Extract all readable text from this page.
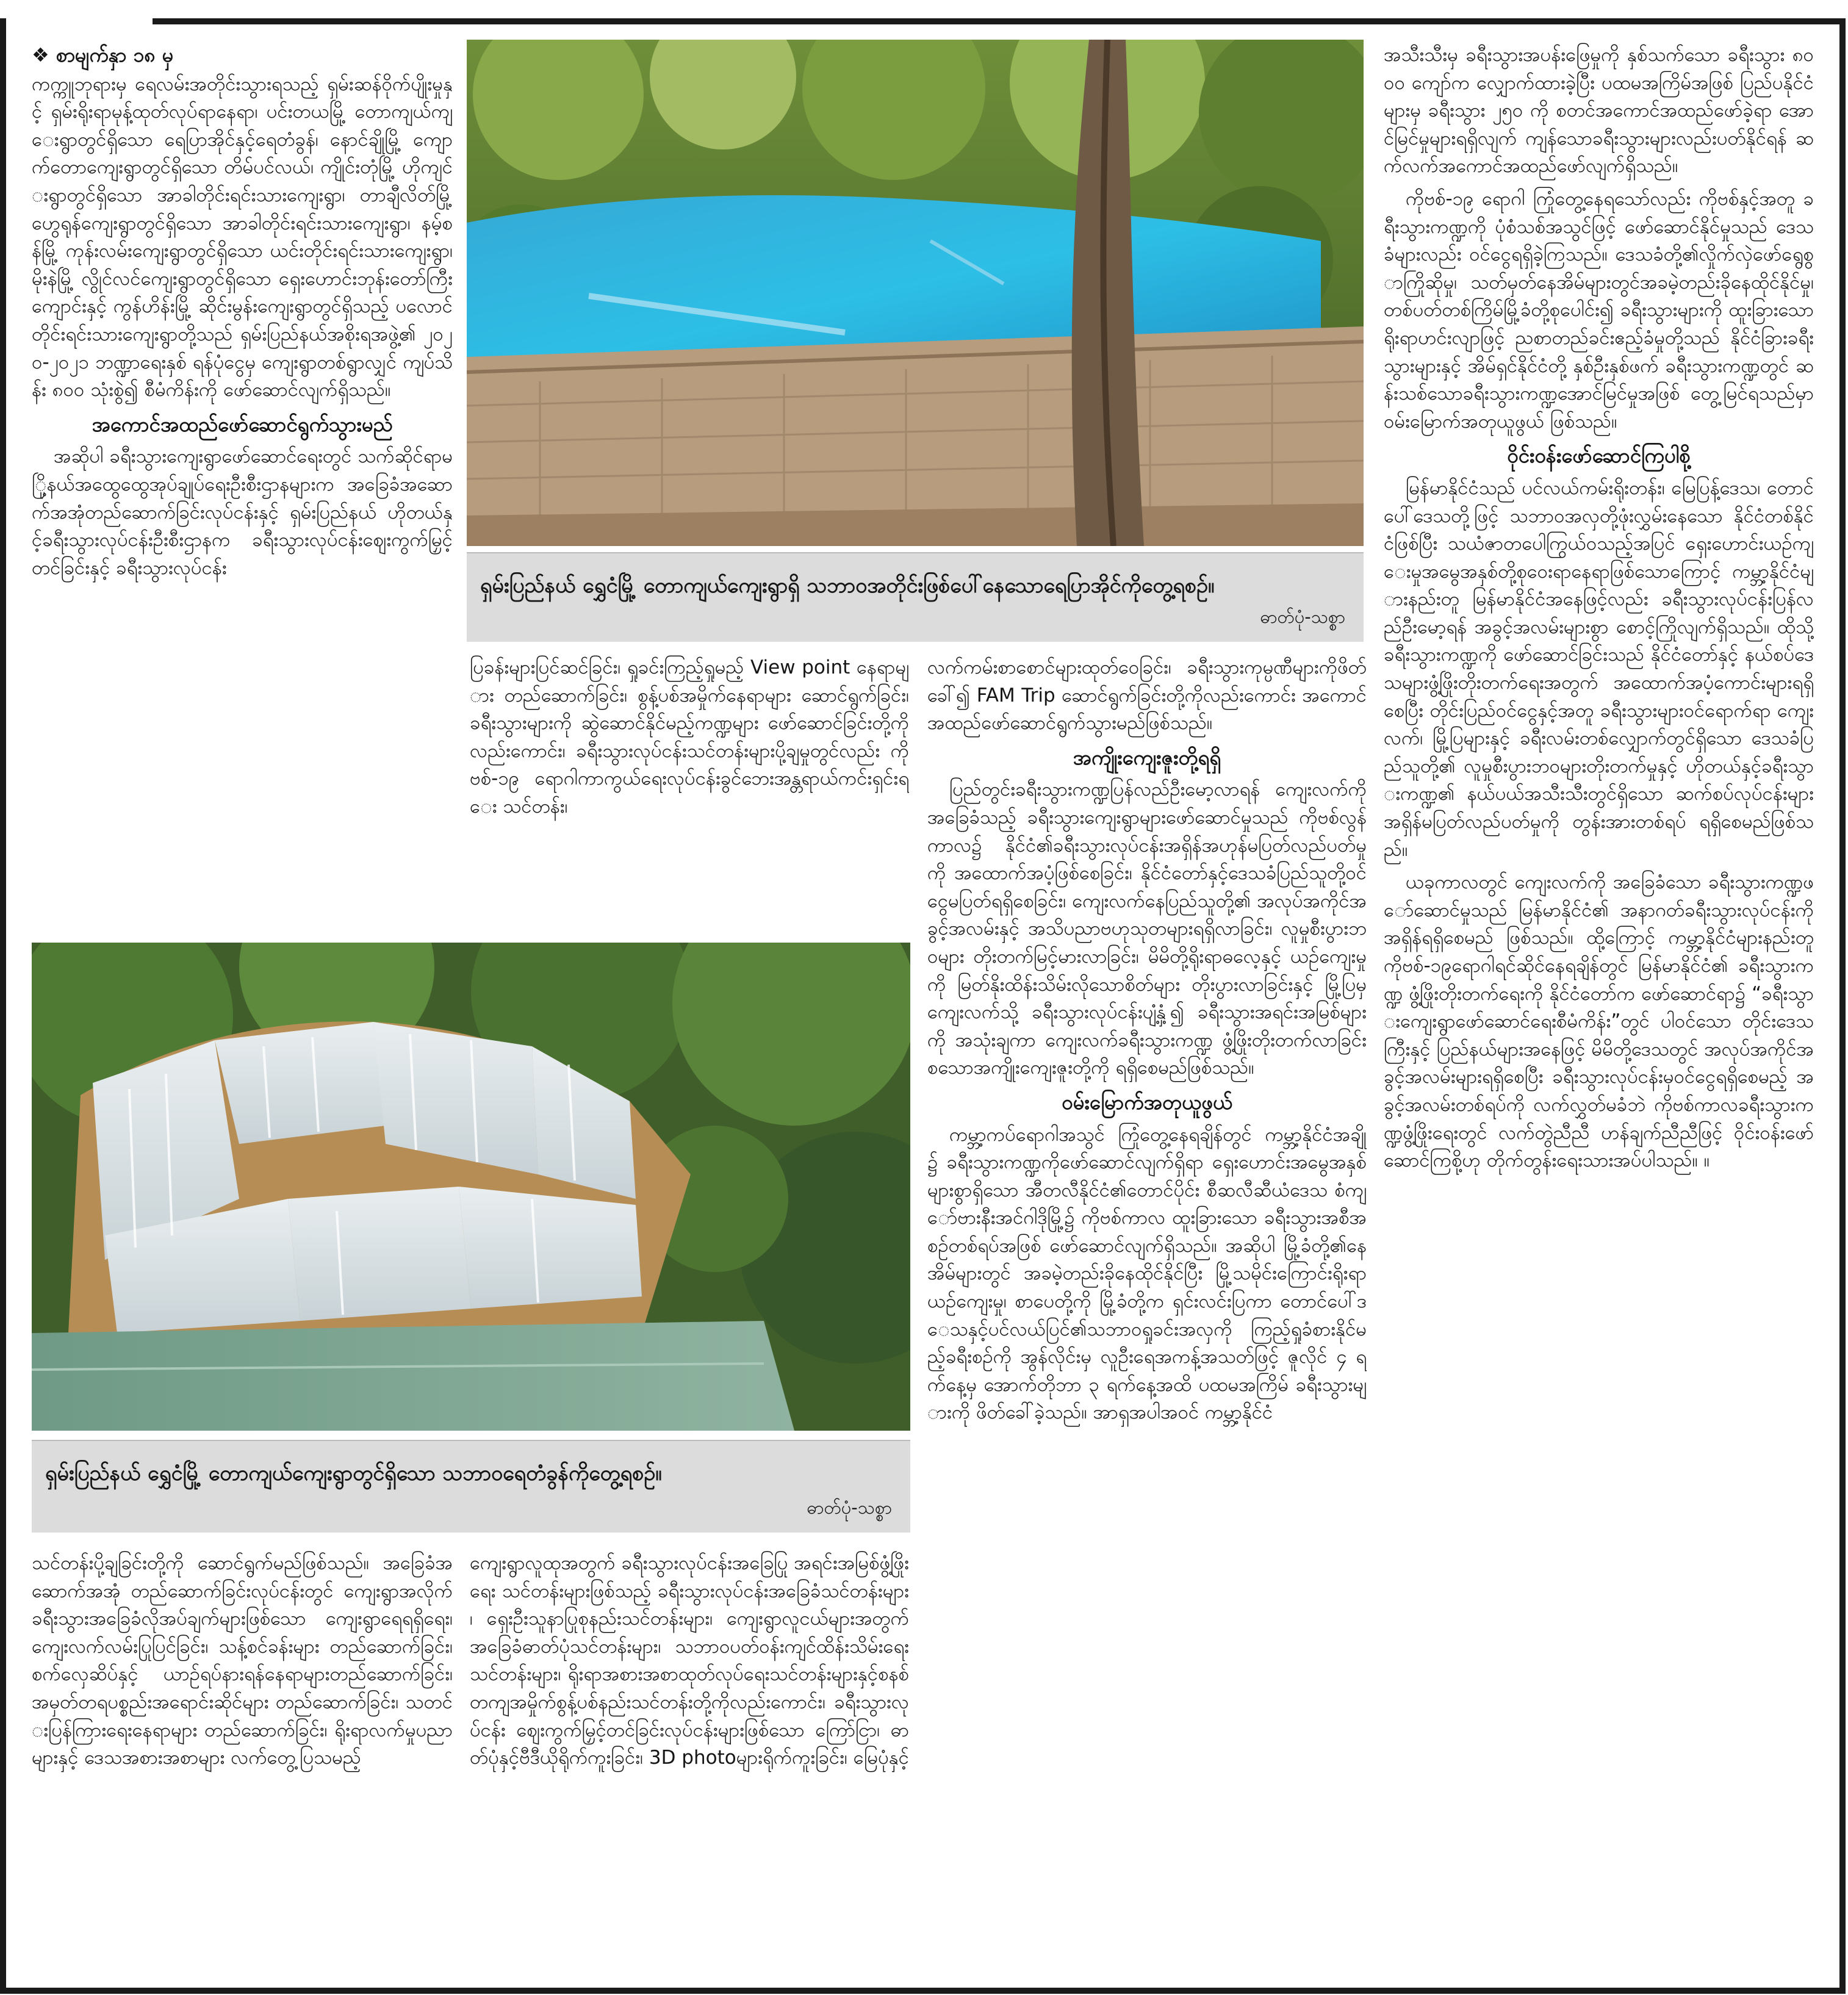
❖ စာမျက်နှာ ၁၈ မှ

ကက္ကူဘုရားမှ ရေလမ်းအတိုင်းသွားရသည့် ရှမ်းဆန်ဝိုက်ပျိုးမှုနှင့် ရှမ်းရိုးရာမုန့်ထုတ်လုပ်ရာနေရာ၊ ပင်းတယမြို့ တောကျယ်ကျေးရွာတွင်ရှိသော ရေပြာအိုင်နှင့်ရေတံခွန်၊ နောင်ချိုမြို့ ကျောက်တောကျေးရွာတွင်ရှိသော တိမ်ပင်လယ်၊ ကျိုင်းတုံမြို့ ဟိုကျင်းရွာတွင်ရှိသော အာခါတိုင်းရင်းသားကျေးရွာ၊ တာချီလိတ်မြို့ ဟွေရုန်ကျေးရွာတွင်ရှိသော အာခါတိုင်းရင်းသားကျေးရွာ၊ နမ့်စန်မြို့ ကုန်းလမ်းကျေးရွာတွင်ရှိသော ယင်းတိုင်းရင်းသားကျေးရွာ၊ မိုးနဲမြို့ လွိုင်လင်ကျေးရွာတွင်ရှိသော ရှေးဟောင်းဘုန်းတော်ကြီးကျောင်းနှင့် ကွန်ဟိန်းမြို့ ဆိုင်းမွန်းကျေးရွာတွင်ရှိသည့် ပလောင်တိုင်းရင်းသားကျေးရွာတို့သည် ရှမ်းပြည်နယ်အစိုးရအဖွဲ့၏ ၂၀၂၀-၂၀၂၁ ဘဏ္ဍာရေးနှစ် ရန်ပုံငွေမှ ကျေးရွာတစ်ရွာလျှင် ကျပ်သိန်း ၈၀၀ သုံးစွဲ၍ စီမံကိန်းကို ဖော်ဆောင်လျက်ရှိသည်။

အကောင်အထည်ဖော်ဆောင်ရွက်သွားမည်

အဆိုပါ ခရီးသွားကျေးရွာဖော်ဆောင်ရေးတွင် သက်ဆိုင်ရာမြို့နယ်အထွေထွေအုပ်ချုပ်ရေးဦးစီးဌာနများက အခြေခံအဆောက်အအုံတည်ဆောက်ခြင်းလုပ်ငန်းနှင့် ရှမ်းပြည်နယ် ဟိုတယ်နှင့်ခရီးသွားလုပ်ငန်းဦးစီးဌာနက ခရီးသွားလုပ်ငန်းဈေးကွက်မြှင့်တင်ခြင်းနှင့် ခရီးသွားလုပ်ငန်း

ရှမ်းပြည်နယ် ရွှေငံမြို့ တောကျယ်ကျေးရွာရှိ သဘာဝအတိုင်းဖြစ်ပေါ်နေသောရေပြာအိုင်ကိုတွေ့ရစဉ်။
ဓာတ်ပုံ-သစ္စာ

အသီးသီးမှ ခရီးသွားအပန်းဖြေမှုကို နှစ်သက်သော ခရီးသွား ၈၀၀၀ ကျော်က လျှောက်ထားခဲ့ပြီး ပထမအကြိမ်အဖြစ် ပြည်ပနိုင်ငံများမှ ခရီးသွား ၂၅၀ ကို စတင်အကောင်အထည်ဖော်ခဲ့ရာ အောင်မြင်မှုများရရှိလျက် ကျန်သောခရီးသွားများလည်းပတ်နိုင်ရန် ဆက်လက်အကောင်အထည်ဖော်လျက်ရှိသည်။

ကိုဗစ်-၁၉ ရောဂါ ကြုံတွေ့နေရသော်လည်း ကိုဗစ်နှင့်အတူ ခရီးသွားကဏ္ဍကို ပုံစံသစ်အသွင်ဖြင့် ဖော်ဆောင်နိုင်မှုသည် ဒေသခံများလည်း ဝင်ငွေရရှိခဲ့ကြသည်။ ဒေသခံတို့၏လှိုက်လှဲဖော်ရွေစွာကြိုဆိုမှု၊ သတ်မှတ်နေအိမ်များတွင်အခမဲ့တည်းခိုနေထိုင်နိုင်မှု၊ တစ်ပတ်တစ်ကြိမ်မြို့ခံတို့စုပေါင်း၍ ခရီးသွားများကို ထူးခြားသောရိုးရာဟင်းလျာဖြင့် ညစာတည်ခင်းဧည့်ခံမှုတို့သည် နိုင်ငံခြားခရီးသွားများနှင့် အိမ်ရှင်နိုင်ငံတို့ နှစ်ဦးနှစ်ဖက် ခရီးသွားကဏ္ဍတွင် ဆန်းသစ်သောခရီးသွားကဏ္ဍအောင်မြင်မှုအဖြစ် တွေ့မြင်ရသည်မှာ ဝမ်းမြောက်အတုယူဖွယ် ဖြစ်သည်။

ဝိုင်းဝန်းဖော်ဆောင်ကြပါစို့

မြန်မာနိုင်ငံသည် ပင်လယ်ကမ်းရိုးတန်း၊ မြေပြန့်ဒေသ၊ တောင်ပေါ်ဒေသတို့ဖြင့် သဘာဝအလှတို့ဖုံးလွှမ်းနေသော နိုင်ငံတစ်နိုင်ငံဖြစ်ပြီး သယံဇာတပေါကြွယ်ဝသည့်အပြင် ရှေးဟောင်းယဉ်ကျေးမှုအမွေအနှစ်တို့စုဝေးရာနေရာဖြစ်သောကြောင့် ကမ္ဘာ့နိုင်ငံများနည်းတူ မြန်မာနိုင်ငံအနေဖြင့်လည်း ခရီးသွားလုပ်ငန်းပြန်လည်ဦးမော့ရန် အခွင့်အလမ်းများစွာ စောင့်ကြိုလျက်ရှိသည်။ ထိုသို့ခရီးသွားကဏ္ဍကို ဖော်ဆောင်ခြင်းသည် နိုင်ငံတော်နှင့် နယ်စပ်ဒေသများဖွံ့ဖြိုးတိုးတက်ရေးအတွက် အထောက်အပံ့ကောင်းများရရှိစေပြီး တိုင်းပြည်ဝင်ငွေနှင့်အတူ ခရီးသွားများဝင်ရောက်ရာ ကျေးလက်၊ မြို့ပြများနှင့် ခရီးလမ်းတစ်လျှောက်တွင်ရှိသော ဒေသခံပြည်သူတို့၏ လူမှုစီးပွားဘဝများတိုးတက်မှုနှင့် ဟိုတယ်နှင့်ခရီးသွားကဏ္ဍ၏ နယ်ပယ်အသီးသီးတွင်ရှိသော ဆက်စပ်လုပ်ငန်းများ အရှိန်မပြတ်လည်ပတ်မှုကို တွန်းအားတစ်ရပ် ရရှိစေမည်ဖြစ်သည်။

ယခုကာလတွင် ကျေးလက်ကို အခြေခံသော ခရီးသွားကဏ္ဍဖော်ဆောင်မှုသည် မြန်မာနိုင်ငံ၏ အနာဂတ်ခရီးသွားလုပ်ငန်းကို အရှိန်ရရှိစေမည် ဖြစ်သည်။ ထို့ကြောင့် ကမ္ဘာ့နိုင်ငံများနည်းတူ ကိုဗစ်-၁၉ရောဂါရင်ဆိုင်နေရချိန်တွင် မြန်မာနိုင်ငံ၏ ခရီးသွားကဏ္ဍ ဖွံ့ဖြိုးတိုးတက်ရေးကို နိုင်ငံတော်က ဖော်ဆောင်ရာ၌ “ခရီးသွားကျေးရွာဖော်ဆောင်ရေးစီမံကိန်း”တွင် ပါဝင်သော တိုင်းဒေသကြီးနှင့် ပြည်နယ်များအနေဖြင့် မိမိတို့ဒေသတွင် အလုပ်အကိုင်အခွင့်အလမ်းများရရှိစေပြီး ခရီးသွားလုပ်ငန်းမှဝင်ငွေရရှိစေမည့် အခွင့်အလမ်းတစ်ရပ်ကို လက်လွှတ်မခံဘဲ ကိုဗစ်ကာလခရီးသွားကဏ္ဍဖွံ့ဖြိုးရေးတွင် လက်တွဲညီညီ ဟန်ချက်ညီညီဖြင့် ဝိုင်းဝန်းဖော်ဆောင်ကြစို့ဟု တိုက်တွန်းရေးသားအပ်ပါသည်။ ။

ပြခန်းများပြင်ဆင်ခြင်း၊ ရှုခင်းကြည့်ရှုမည့် View point နေရာများ တည်ဆောက်ခြင်း၊ စွန့်ပစ်အမှိုက်နေရာများ ဆောင်ရွက်ခြင်း၊ ခရီးသွားများကို ဆွဲဆောင်နိုင်မည့်ကဏ္ဍများ ဖော်ဆောင်ခြင်းတို့ကိုလည်းကောင်း၊ ခရီးသွားလုပ်ငန်းသင်တန်းများပို့ချမှုတွင်လည်း ကိုဗစ်-၁၉ ရောဂါကာကွယ်ရေးလုပ်ငန်းခွင်ဘေးအန္တရာယ်ကင်းရှင်းရေး သင်တန်း၊

လက်ကမ်းစာစောင်များထုတ်ဝေခြင်း၊ ခရီးသွားကုမ္ပဏီများကိုဖိတ်ခေါ်၍ FAM Trip ဆောင်ရွက်ခြင်းတို့ကိုလည်းကောင်း အကောင်အထည်ဖော်ဆောင်ရွက်သွားမည်ဖြစ်သည်။

အကျိုးကျေးဇူးတို့ရရှိ

ပြည်တွင်းခရီးသွားကဏ္ဍပြန်လည်ဦးမော့လာရန် ကျေးလက်ကိုအခြေခံသည့် ခရီးသွားကျေးရွာများဖော်ဆောင်မှုသည် ကိုဗစ်လွန်ကာလ၌ နိုင်ငံ၏ခရီးသွားလုပ်ငန်းအရှိန်အဟုန်မပြတ်လည်ပတ်မှုကို အထောက်အပံ့ဖြစ်စေခြင်း၊ နိုင်ငံတော်နှင့်ဒေသခံပြည်သူတို့ဝင်ငွေမပြတ်ရရှိစေခြင်း၊ ကျေးလက်နေပြည်သူတို့၏ အလုပ်အကိုင်အခွင့်အလမ်းနှင့် အသိပညာဗဟုသုတများရရှိလာခြင်း၊ လူမှုစီးပွားဘဝများ တိုးတက်မြင့်မားလာခြင်း၊ မိမိတို့ရိုးရာဓလေ့နှင့် ယဉ်ကျေးမှုကို မြတ်နိုးထိန်းသိမ်းလိုသောစိတ်များ တိုးပွားလာခြင်းနှင့် မြို့ပြမှကျေးလက်သို့ ခရီးသွားလုပ်ငန်းပျံ့နှံ့၍ ခရီးသွားအရင်းအမြစ်များကို အသုံးချကာ ကျေးလက်ခရီးသွားကဏ္ဍ ဖွံ့ဖြိုးတိုးတက်လာခြင်း စသောအကျိုးကျေးဇူးတို့ကို ရရှိစေမည်ဖြစ်သည်။

ဝမ်းမြောက်အတုယူဖွယ်

ကမ္ဘာ့ကပ်ရောဂါအသွင် ကြုံတွေ့နေရချိန်တွင် ကမ္ဘာ့နိုင်ငံအချို့၌ ခရီးသွားကဏ္ဍကိုဖော်ဆောင်လျက်ရှိရာ ရှေးဟောင်းအမွေအနှစ်များစွာရှိသော အီတလီနိုင်ငံ၏တောင်ပိုင်း စီဆလီဆီယံဒေသ စံကျော်ဗားနီးအင်ဂါဒိုမြို့၌ ကိုဗစ်ကာလ ထူးခြားသော ခရီးသွားအစီအစဉ်တစ်ရပ်အဖြစ် ဖော်ဆောင်လျက်ရှိသည်။ အဆိုပါ မြို့ခံတို့၏နေအိမ်များတွင် အခမဲ့တည်းခိုနေထိုင်နိုင်ပြီး မြို့သမိုင်းကြောင်းရိုးရာယဉ်ကျေးမှု၊ စာပေတို့ကို မြို့ခံတို့က ရှင်းလင်းပြကာ တောင်ပေါ်ဒေသနှင့်ပင်လယ်ပြင်၏သဘာဝရှုခင်းအလှကို ကြည့်ရှုခံစားနိုင်မည့်ခရီးစဉ်ကို အွန်လိုင်းမှ လူဦးရေအကန့်အသတ်ဖြင့် ဇူလိုင် ၄ ရက်နေ့မှ အောက်တိုဘာ ၃ ရက်နေ့အထိ ပထမအကြိမ် ခရီးသွားများကို ဖိတ်ခေါ်ခဲ့သည်။ အာရှအပါအဝင် ကမ္ဘာ့နိုင်ငံ

ရှမ်းပြည်နယ် ရွှေငံမြို့ တောကျယ်ကျေးရွာတွင်ရှိသော သဘာဝရေတံခွန်ကိုတွေ့ရစဉ်။
ဓာတ်ပုံ-သစ္စာ

သင်တန်းပို့ချခြင်းတို့ကို ဆောင်ရွက်မည်ဖြစ်သည်။ အခြေခံအဆောက်အအုံ တည်ဆောက်ခြင်းလုပ်ငန်းတွင် ကျေးရွာအလိုက် ခရီးသွားအခြေခံလိုအပ်ချက်များဖြစ်သော ကျေးရွာရေရရှိရေး၊ ကျေးလက်လမ်းပြုပြင်ခြင်း၊ သန့်စင်ခန်းများ တည်ဆောက်ခြင်း၊ စက်လှေဆိပ်နှင့် ယာဉ်ရပ်နားရန်နေရာများတည်ဆောက်ခြင်း၊ အမှတ်တရပစ္စည်းအရောင်းဆိုင်များ တည်ဆောက်ခြင်း၊ သတင်းပြန်ကြားရေးနေရာများ တည်ဆောက်ခြင်း၊ ရိုးရာလက်မှုပညာများနှင့် ဒေသအစားအစာများ လက်တွေ့ပြသမည့်

ကျေးရွာလူထုအတွက် ခရီးသွားလုပ်ငန်းအခြေပြု အရင်းအမြစ်ဖွံ့ဖြိုးရေး သင်တန်းများဖြစ်သည့် ခရီးသွားလုပ်ငန်းအခြေခံသင်တန်းများ၊ ရှေးဦးသူနာပြုစုနည်းသင်တန်းများ၊ ကျေးရွာလူငယ်များအတွက် အခြေခံဓာတ်ပုံသင်တန်းများ၊ သဘာဝပတ်ဝန်းကျင်ထိန်းသိမ်းရေးသင်တန်းများ၊ ရိုးရာအစားအစာထုတ်လုပ်ရေးသင်တန်းများနှင့်စနစ်တကျအမှိုက်စွန့်ပစ်နည်းသင်တန်းတို့ကိုလည်းကောင်း၊ ခရီးသွားလုပ်ငန်း ဈေးကွက်မြှင့်တင်ခြင်းလုပ်ငန်းများဖြစ်သော ကြော်ငြာ၊ ဓာတ်ပုံနှင့်ဗီဒီယိုရိုက်ကူးခြင်း၊ 3D photoများရိုက်ကူးခြင်း၊ မြေပုံနှင့်
